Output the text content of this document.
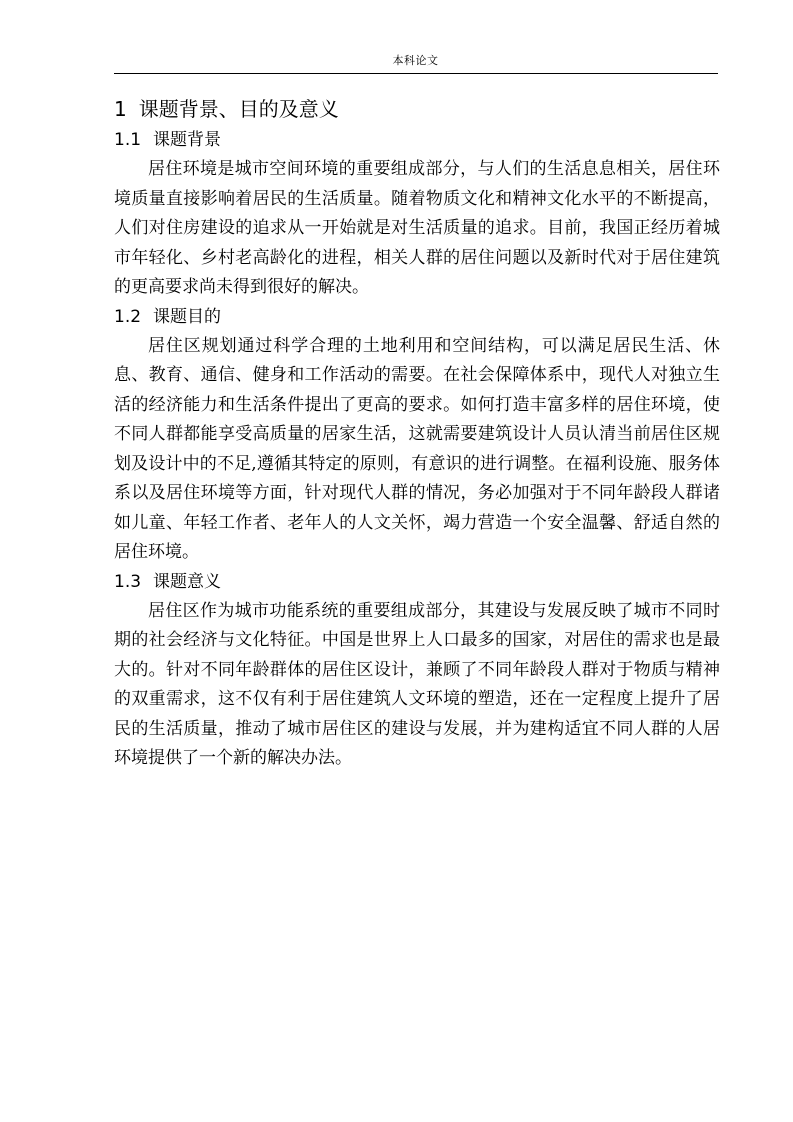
本科论文
1 课题背景、目的及意义
1.1 课题背景

居住环境是城市空间环境的重要组成部分，与人们的生活息息相关，居住环境质量直接影响着居民的生活质量。随着物质文化和精神文化水平的不断提高，人们对住房建设的追求从一开始就是对生活质量的追求。目前，我国正经历着城市年轻化、乡村老高龄化的进程，相关人群的居住问题以及新时代对于居住建筑的更高要求尚未得到很好的解决。

1.2 课题目的

居住区规划通过科学合理的土地利用和空间结构，可以满足居民生活、休息、教育、通信、健身和工作活动的需要。在社会保障体系中，现代人对独立生活的经济能力和生活条件提出了更高的要求。如何打造丰富多样的居住环境，使不同人群都能享受高质量的居家生活，这就需要建筑设计人员认清当前居住区规划及设计中的不足,遵循其特定的原则，有意识的进行调整。在福利设施、服务体系以及居住环境等方面，针对现代人群的情况，务必加强对于不同年龄段人群诸如儿童、年轻工作者、老年人的人文关怀，竭力营造一个安全温馨、舒适自然的居住环境。

1.3 课题意义

居住区作为城市功能系统的重要组成部分，其建设与发展反映了城市不同时期的社会经济与文化特征。中国是世界上人口最多的国家，对居住的需求也是最大的。针对不同年龄群体的居住区设计，兼顾了不同年龄段人群对于物质与精神的双重需求，这不仅有利于居住建筑人文环境的塑造，还在一定程度上提升了居民的生活质量，推动了城市居住区的建设与发展，并为建构适宜不同人群的人居环境提供了一个新的解决办法。
